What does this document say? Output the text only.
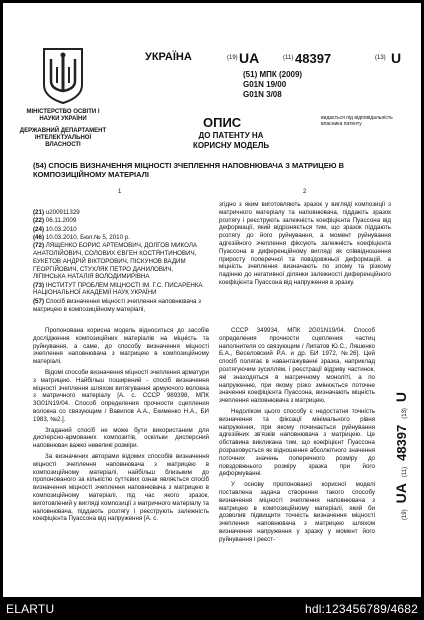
МІНІСТЕРСТВО ОСВІТИ І НАУКИ УКРАЇНИ
ДЕРЖАВНИЙ ДЕПАРТАМЕНТ ІНТЕЛЕКТУАЛЬНОЇ ВЛАСНОСТІ
УКРАЇНА	(19) UA	(11) 48397	(13) U
(51) МПК (2009)
G01N 19/00
G01N 3/08
ОПИС
ДО ПАТЕНТУ НА КОРИСНУ МОДЕЛЬ
видається під відповідальність власника патенту
(54) СПОСІБ ВИЗНАЧЕННЯ МІЦНОСТІ ЗЧЕПЛЕННЯ НАПОВНЮВАЧА З МАТРИЦЕЮ В КОМПОЗИЦІЙНОМУ МАТЕРІАЛІ
1	2
(21) u200911329
(22) 06.11.2009
(24) 10.03.2010
(46) 10.03.2010, Бюл.№ 5, 2010 р.
(72) ЛЯЩЕНКО БОРИС АРТЕМОВИЧ, ДОЛГОВ МИКОЛА АНАТОЛІЙОВИЧ, СОЛОВИХ ЄВГЕН КОСТЯНТИНОВИЧ, БУКЕТОВ АНДРІЙ ВІКТОРОВИЧ, ПІСКУНОВ ВАДИМ ГЕОРГІЙОВИЧ, СТУХЛЯК ПЕТРО ДАНИЛОВИЧ, ЛІПІНСЬКА НАТАЛІЯ ВОЛОДИМИРІВНА
(73) ІНСТИТУТ ПРОБЛЕМ МІЦНОСТІ ІМ. Г.С. ПИСАРЕНКА НАЦІОНАЛЬНОЇ АКАДЕМІЇ НАУК УКРАЇНИ
(57) Спосіб визначення міцності зчеплення наповнювача з матрицею в композиційному матеріалі,
згідно з яким виготовляють зразок у вигляді композиції з матричного матеріалу та наповнювача, піддають зразок розтягу і реєструють залежність коефіцієнта Пуассона від деформації, який відрізняється тим, що зразок піддають розтягу до його руйнування, а момент руйнування адгезійного зчеплення фіксують залежність коефіцієнта Пуассона в диференційному вигляді як співвідношення приросту поперечної та повздовжньої деформацій, а міцність зчеплення визначають по злому та різкому падінню до негативної ділянки залежності диференційного коефіцієнта Пуассона від напруження в зразку.

Пропонована корисна модель відноситься до засобів дослідження композиційних матеріалів на міцність та руйнування, а саме, до способу визначення міцності зчеплення наповнювача з матрицею в композиційному матеріалі.

Відомі способи визначення міцності зчеплення арматури з матрицею. Найбільш поширений - спосіб визначення міцності зчеплення шляхом витягування армуючого волокна з матричного матеріалу [А. с. СССР 989398, МПК 3G01N19/04. Способ определения прочности сцепления волокна со связующим / Вавилов А.А., Екименко Н.А., БИ 1983, №2.].

Згаданий спосіб не може бути використаним для дисперсно-армованих композитів, оскільки дисперсний наповнювач важко невеликі розміри.

За визначених авторами відомих способів визначення міцності зчеплення наповнювача з матрицею в композиційному матеріалі, найбільш близьким до пропонованого за кількістю суттєвих ознак являється спосіб визначення міцності зчеплення наповнювача з матрицею в композиційному матеріалі, під час якого зразок, виготовлений у вигляді композиції з матричного матеріалу та наповнювача, піддають розтягу і реєструють залежність коефіцієнта Пуассона від напруження [А. с.

СССР 349934, МПК 2G01N19/04. Способ определения прочности сцепления частиц наполнителя со связующим / Липатов Ю.С., Ляшенко Б.А., Веселовский Р.А. и др. БИ 1972, №26]. Цей спосіб полягає в навантажуванні зразка, наприклад розтягуючим зусиллям, і реєстрації відриву частинок, які знаходяться в матричному моноліті, а по напруженню, при якому різко змінюється поточне значення коефіцієнта Пуассона, визначають міцність зчеплення наповнювача з матрицею.

Недоліком цього способу є недостатня точність визначення та фіксації мінімального рівня напруження, при якому починається руйнування адгезійних зв'язків наповнювача з матрицею. Це обставина викликана тим, що коефіцієнт Пуассона розраховується як відношення абсолютного значення поточних значень поперечного розміру до повздовжнього розміру зразка при його деформуванні.

У основу пропонованої корисної моделі поставлена задача створення такого способу визначення міцності зчеплення наповнювача з матрицею в композиційному матеріалі, який би дозволив підвищити точність визначення міцності зчеплення наповнювача з матрицею шляхом визначення напруження у зразку у момент його руйнування і реєст-

(19)
UA
(11)
48397
(13)
U
ELARTU	hdl:123456789/4682
